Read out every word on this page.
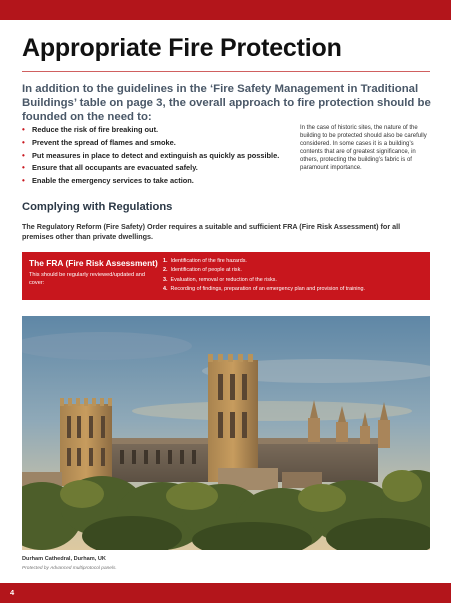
Appropriate Fire Protection

In addition to the guidelines in the ‘Fire Safety Management in Traditional Buildings’ table on page 3, the overall approach to fire protection should be founded on the need to:

• Reduce the risk of fire breaking out.
• Prevent the spread of flames and smoke.
• Put measures in place to detect and extinguish as quickly as possible.
• Ensure that all occupants are evacuated safely.
• Enable the emergency services to take action.

In the case of historic sites, the nature of the building to be protected should also be carefully considered. In some cases it is a building’s contents that are of greatest significance, in others, protecting the building’s fabric is of paramount importance.

Complying with Regulations

The Regulatory Reform (Fire Safety) Order requires a suitable and sufficient FRA (Fire Risk Assessment) for all premises other than private dwellings.

The FRA (Fire Risk Assessment)
This should be regularly reviewed/updated and cover:
1. Identification of the fire hazards.
2. Identification of people at risk.
3. Evaluation, removal or reduction of the risks.
4. Recording of findings, preparation of an emergency plan and provision of training.

Durham Cathedral, Durham, UK

Protected by Advanced multiprotocol panels.

4
